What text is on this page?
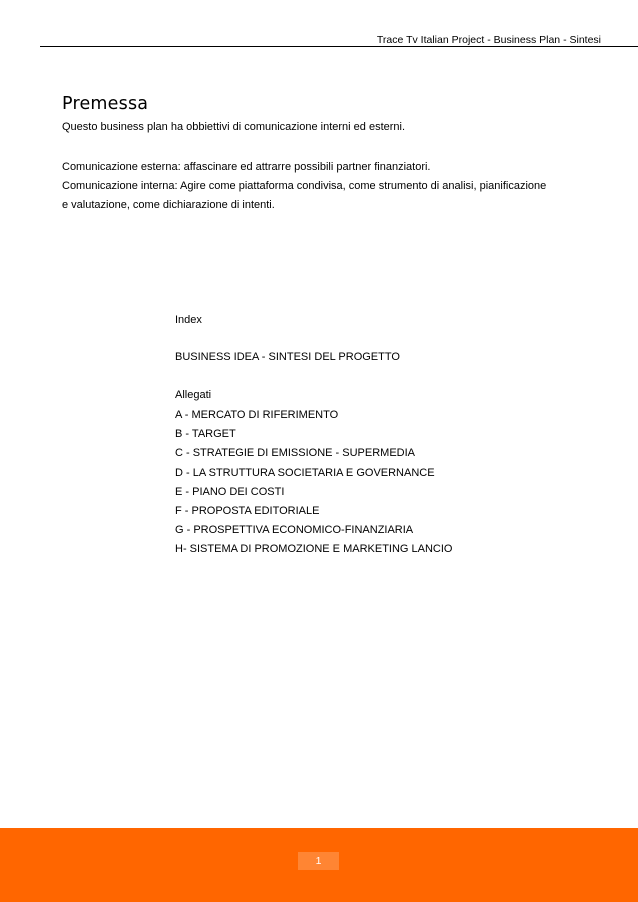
Trace Tv Italian Project - Business Plan - Sintesi
Premessa
Questo business plan ha obbiettivi di comunicazione interni ed esterni.
Comunicazione esterna: affascinare ed attrarre possibili partner finanziatori.
Comunicazione interna: Agire come piattaforma condivisa, come strumento di analisi, pianificazione
e valutazione, come dichiarazione di intenti.
Index
BUSINESS IDEA - SINTESI DEL PROGETTO
Allegati
A - MERCATO DI RIFERIMENTO
B - TARGET
C - STRATEGIE DI EMISSIONE - SUPERMEDIA
D - LA STRUTTURA SOCIETARIA E GOVERNANCE
E - PIANO DEI COSTI
F - PROPOSTA EDITORIALE
G - PROSPETTIVA ECONOMICO-FINANZIARIA
H- SISTEMA DI PROMOZIONE E MARKETING LANCIO
1
